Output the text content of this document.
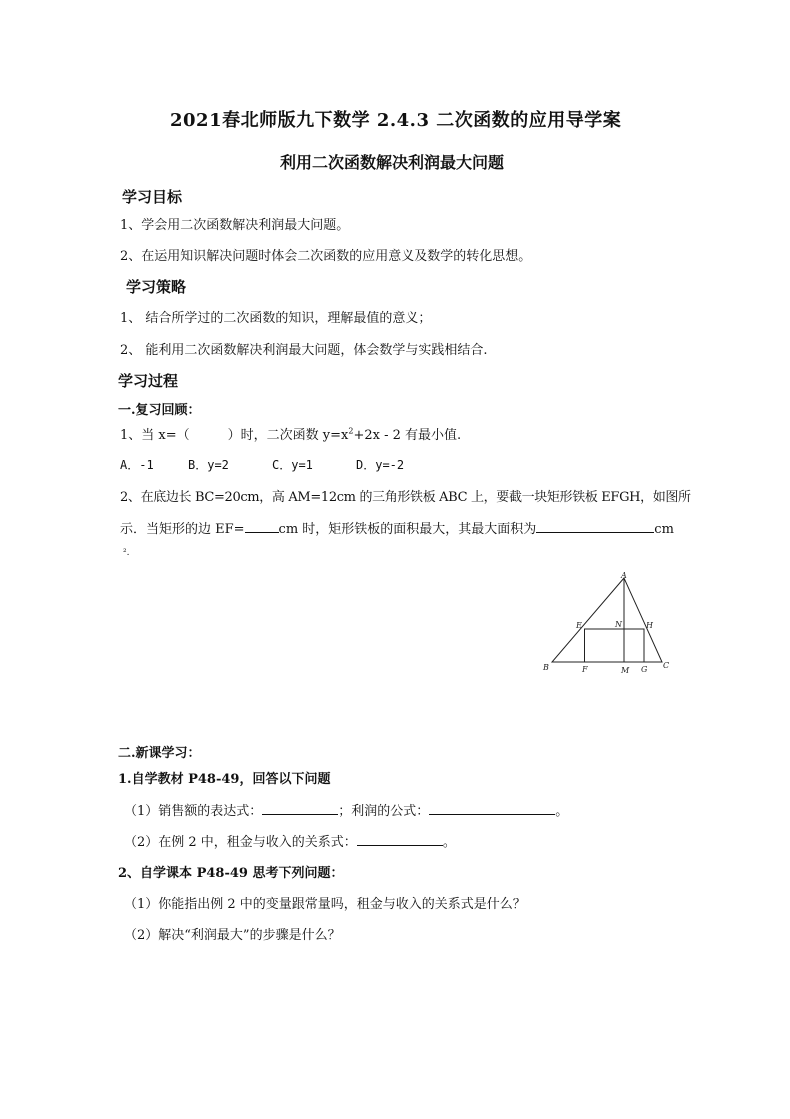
2021春北师版九下数学 2.4.3 二次函数的应用导学案
利用二次函数解决利润最大问题
学习目标
1、学会用二次函数解决利润最大问题。
2、在运用知识解决问题时体会二次函数的应用意义及数学的转化思想。
学习策略
1、 结合所学过的二次函数的知识，理解最值的意义；
2、 能利用二次函数解决利润最大问题，体会数学与实践相结合.
学习过程
一.复习回顾：
1、当 x=（	）时，二次函数 $y=x^2+2x - 2$ 有最小值.
A．-1	B．y=2	C．y=1	D．y=-2
2、在底边长 BC=20cm，高 AM=12cm 的三角形铁板 ABC 上，要截一块矩形铁板 EFGH，如图所
示．当矩形的边 EF=	cm 时，矩形铁板的面积最大，其最大面积为	cm
².
A
B	C
E
F	G
H
M
N
二.新课学习：
1.自学教材 P48-49，回答以下问题
（1）销售额的表达式：	；利润的公式：	。
（2）在例 2 中，租金与收入的关系式：	。
2、自学课本 P48-49 思考下列问题：
（1）你能指出例 2 中的变量跟常量吗，租金与收入的关系式是什么？
（2）解决“利润最大”的步骤是什么？
